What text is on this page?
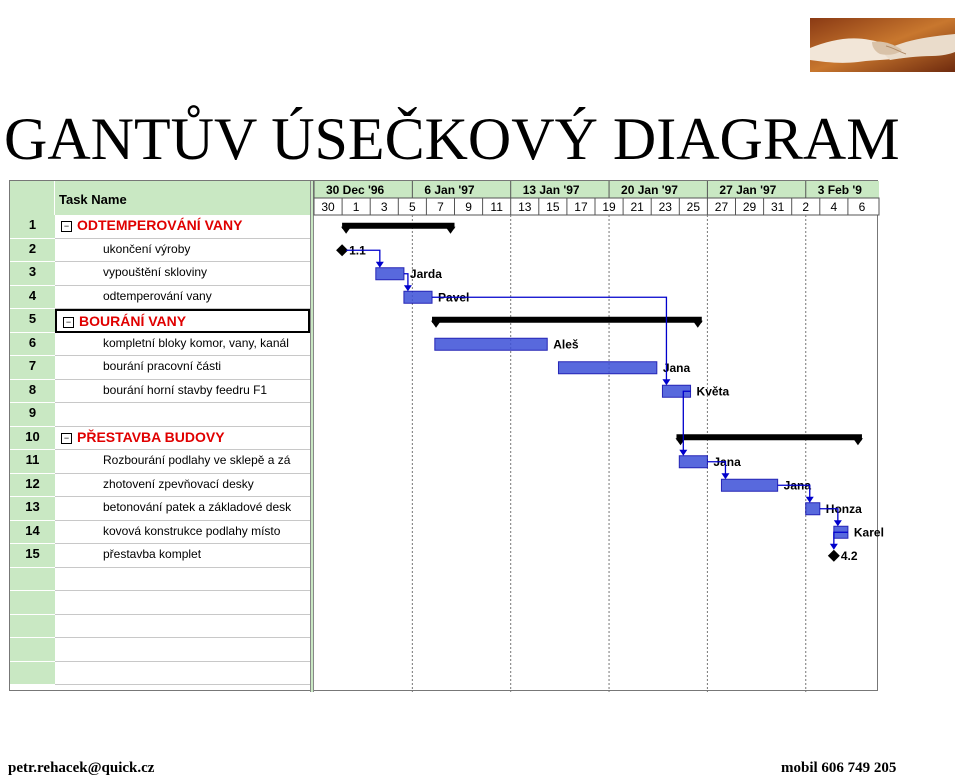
GANTŮV ÚSEČKOVÝ DIAGRAM
Task Name
1	− ODTEMPEROVÁNÍ VANY
2	ukončení výroby
3	vypouštění skloviny
4	odtemperování vany
5	− BOURÁNÍ VANY
6	kompletní bloky komor, vany, kanál
7	bourání pracovní části
8	bourání horní stavby feedru F1
9
10	− PŘESTAVBA BUDOVY
11	Rozbourání podlahy ve sklepě a zá
12	zhotovení zpevňovací desky
13	betonování patek a základové desk
14	kovová konstrukce podlahy místo
15	přestavba komplet
30 Dec '96	6 Jan '97	13 Jan '97	20 Jan '97	27 Jan '97	3 Feb '9
30 1 3 5 7 9 11 13 15 17 19 21 23 25 27 29 31 2 4 6
1.1
Jarda
Pavel
Aleš
Jana
Květa
Jana
Jana
Honza
Karel
4.2
petr.rehacek@quick.cz	mobil 606 749 205
